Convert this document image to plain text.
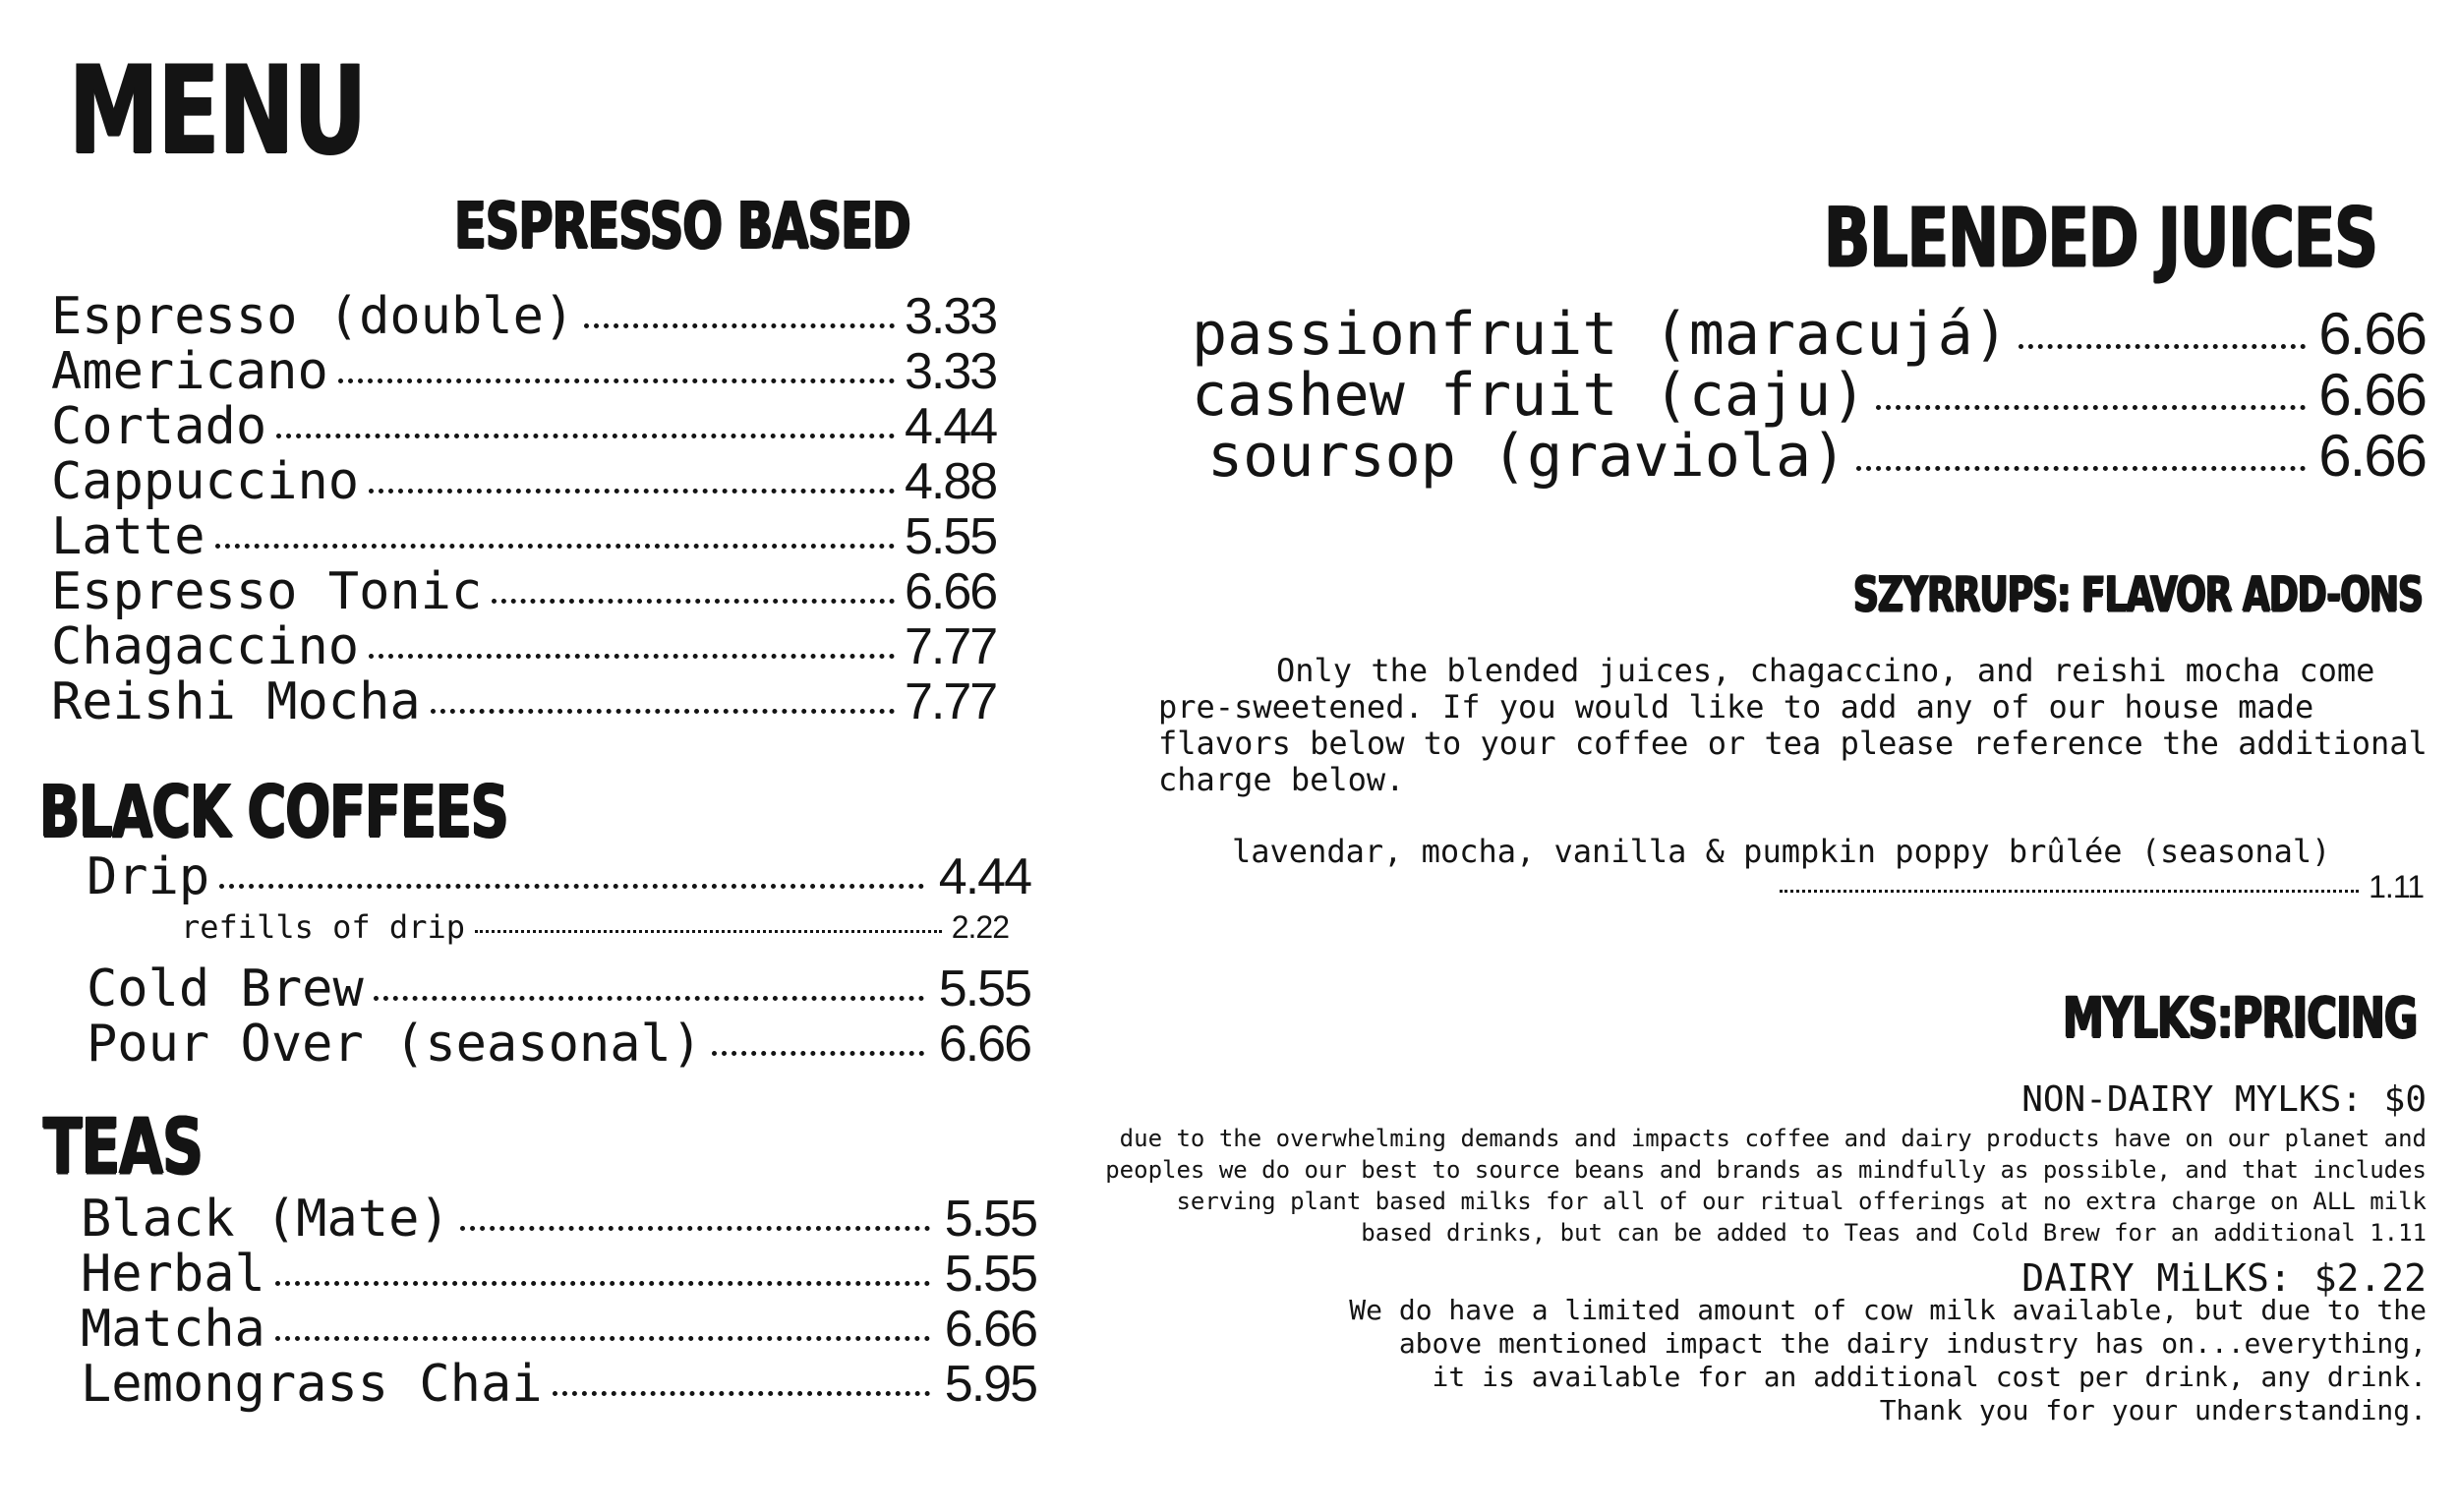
MENU
ESPRESSO BASED
Espresso (double)	3.33
Americano	3.33
Cortado	4.44
Cappuccino	4.88
Latte	5.55
Espresso Tonic	6.66
Chagaccino	7.77
Reishi Mocha	7.77
BLACK COFFEES
Drip	4.44
refills of drip	2.22
Cold Brew	5.55
Pour Over (seasonal)	6.66
TEAS
Black (Mate)	5.55
Herbal	5.55
Matcha	6.66
Lemongrass Chai	5.95
BLENDED JUICES
passionfruit (maracujá)	6.66
cashew fruit (caju)	6.66
soursop (graviola)	6.66
SZYRRUPS: FLAVOR ADD-ONS
Only the blended juices, chagaccino, and reishi mocha come pre-sweetened. If you would like to add any of our house made flavors below to your coffee or tea please reference the additional charge below.
lavendar, mocha, vanilla & pumpkin poppy brûlée (seasonal)
1.11
MYLKS:PRICING
NON-DAIRY MYLKS: $0
due to the overwhelming demands and impacts coffee and dairy products have on our planet and
peoples we do our best to source beans and brands as mindfully as possible, and that includes
serving plant based milks for all of our ritual offerings at no extra charge on ALL milk
based drinks, but can be added to Teas and Cold Brew for an additional 1.11
DAIRY MiLKS: $2.22
We do have a limited amount of cow milk available, but due to the
above mentioned impact the dairy industry has on...everything,
it is available for an additional cost per drink, any drink.
Thank you for your understanding.
